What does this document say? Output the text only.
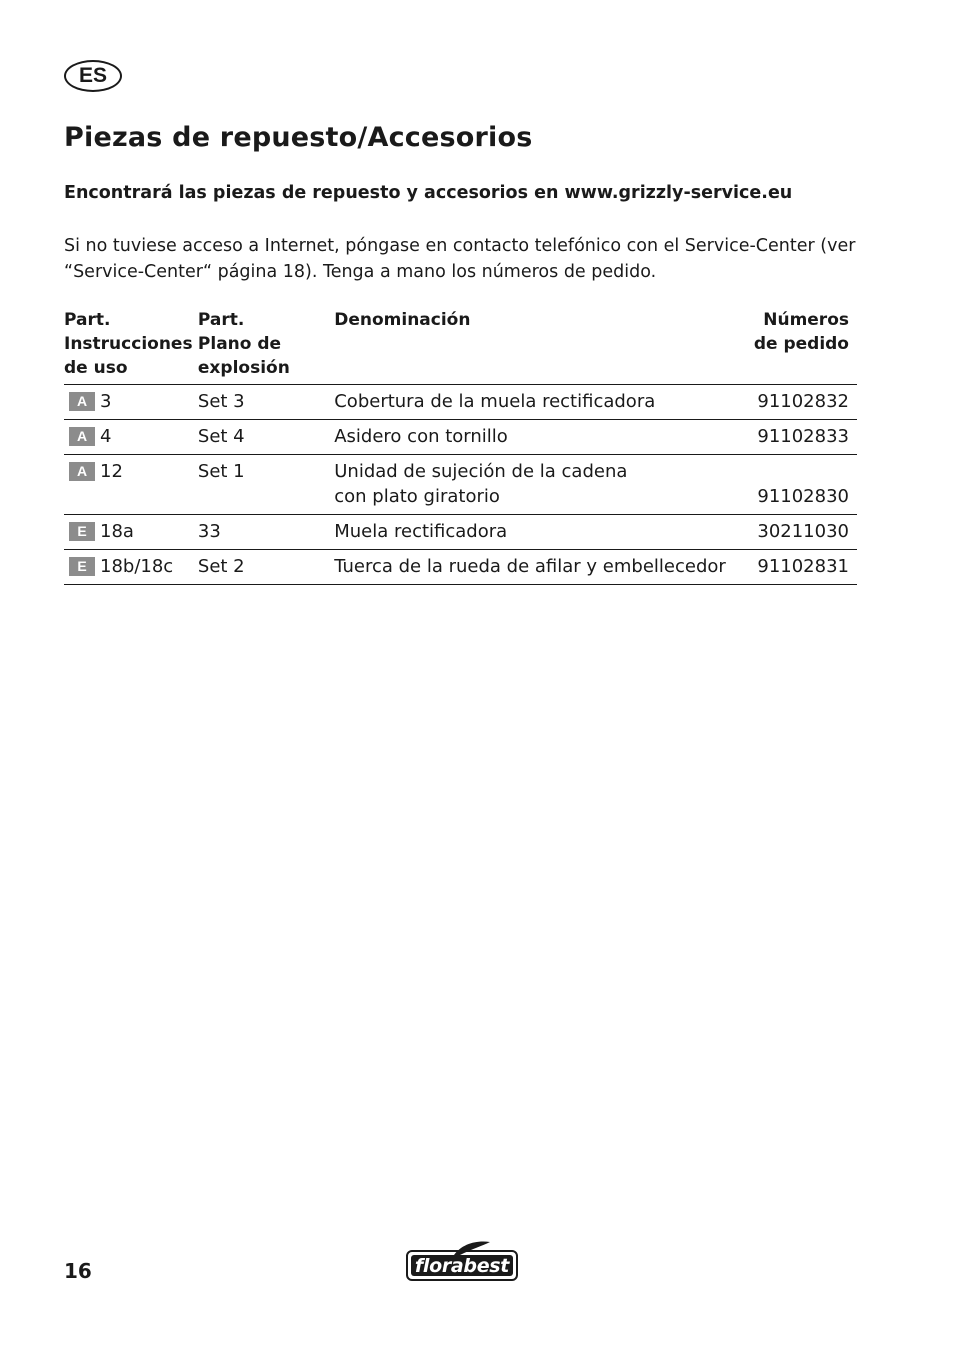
ES
Piezas de repuesto/Accesorios

Encontrará las piezas de repuesto y accesorios en www.grizzly-service.eu

Si no tuviese acceso a Internet, póngase en contacto telefónico con el Service-Center (ver
“Service-Center“ página 18). Tenga a mano los números de pedido.

Part.
Instrucciones
de uso	Part.
Plano de
explosión	Denominación	Números
de pedido

A 3	Set 3	Cobertura de la muela rectificadora	91102832
A 4	Set 4	Asidero con tornillo	91102833
A 12	Set 1	Unidad de sujeción de la cadena
con plato giratorio	91102830
E 18a	33	Muela rectificadora	30211030
E 18b/18c	Set 2	Tuerca de la rueda de afilar y embellecedor	91102831
16	florabest
